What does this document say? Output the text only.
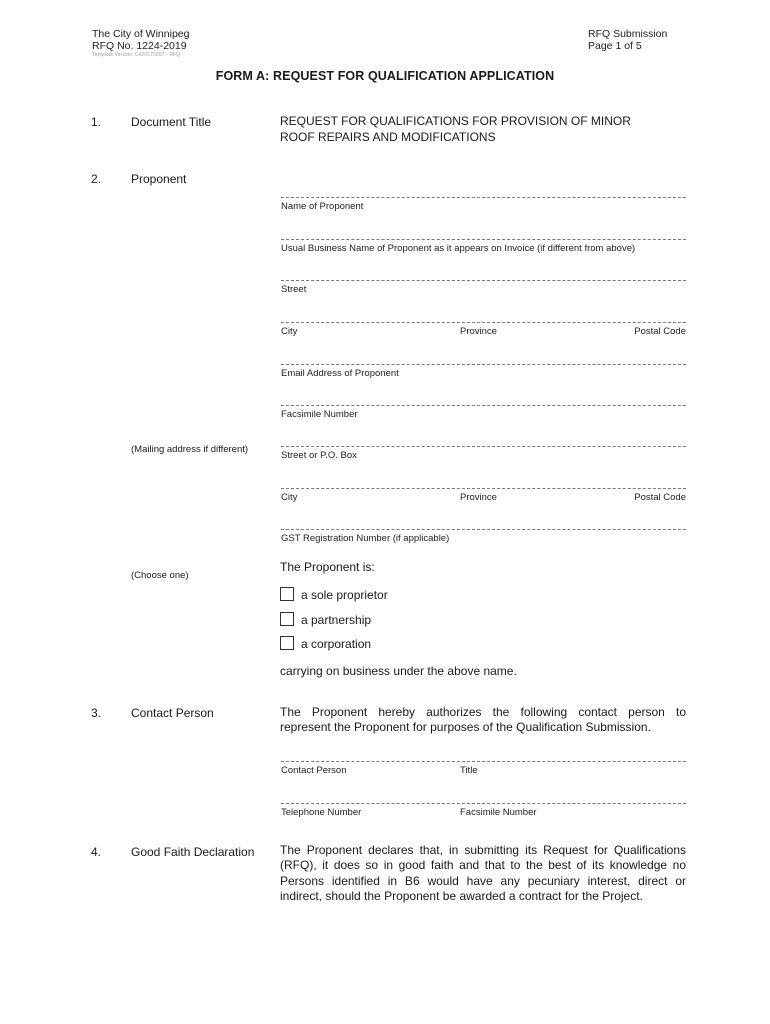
The City of Winnipeg
RFQ No. 1224-2019
Template Version: C420170207 - RFQ
RFQ Submission
Page 1 of 5
FORM A: REQUEST FOR QUALIFICATION APPLICATION
1. Document Title	REQUEST FOR QUALIFICATIONS FOR PROVISION OF MINOR
ROOF REPAIRS AND MODIFICATIONS
2. Proponent
Name of Proponent
Usual Business Name of Proponent as it appears on Invoice (if different from above)
Street
City	Province	Postal Code
Email Address of Proponent
Facsimile Number
(Mailing address if different)
Street or P.O. Box
City	Province	Postal Code
GST Registration Number (if applicable)
(Choose one)
The Proponent is:
a sole proprietor
a partnership
a corporation
carrying on business under the above name.
3. Contact Person	The Proponent hereby authorizes the following contact person to
represent the Proponent for purposes of the Qualification Submission.
Contact Person	Title
Telephone Number	Facsimile Number
4. Good Faith Declaration The Proponent declares that, in submitting its Request for Qualifications
(RFQ), it does so in good faith and that to the best of its knowledge no
Persons identified in B6 would have any pecuniary interest, direct or
indirect, should the Proponent be awarded a contract for the Project.
